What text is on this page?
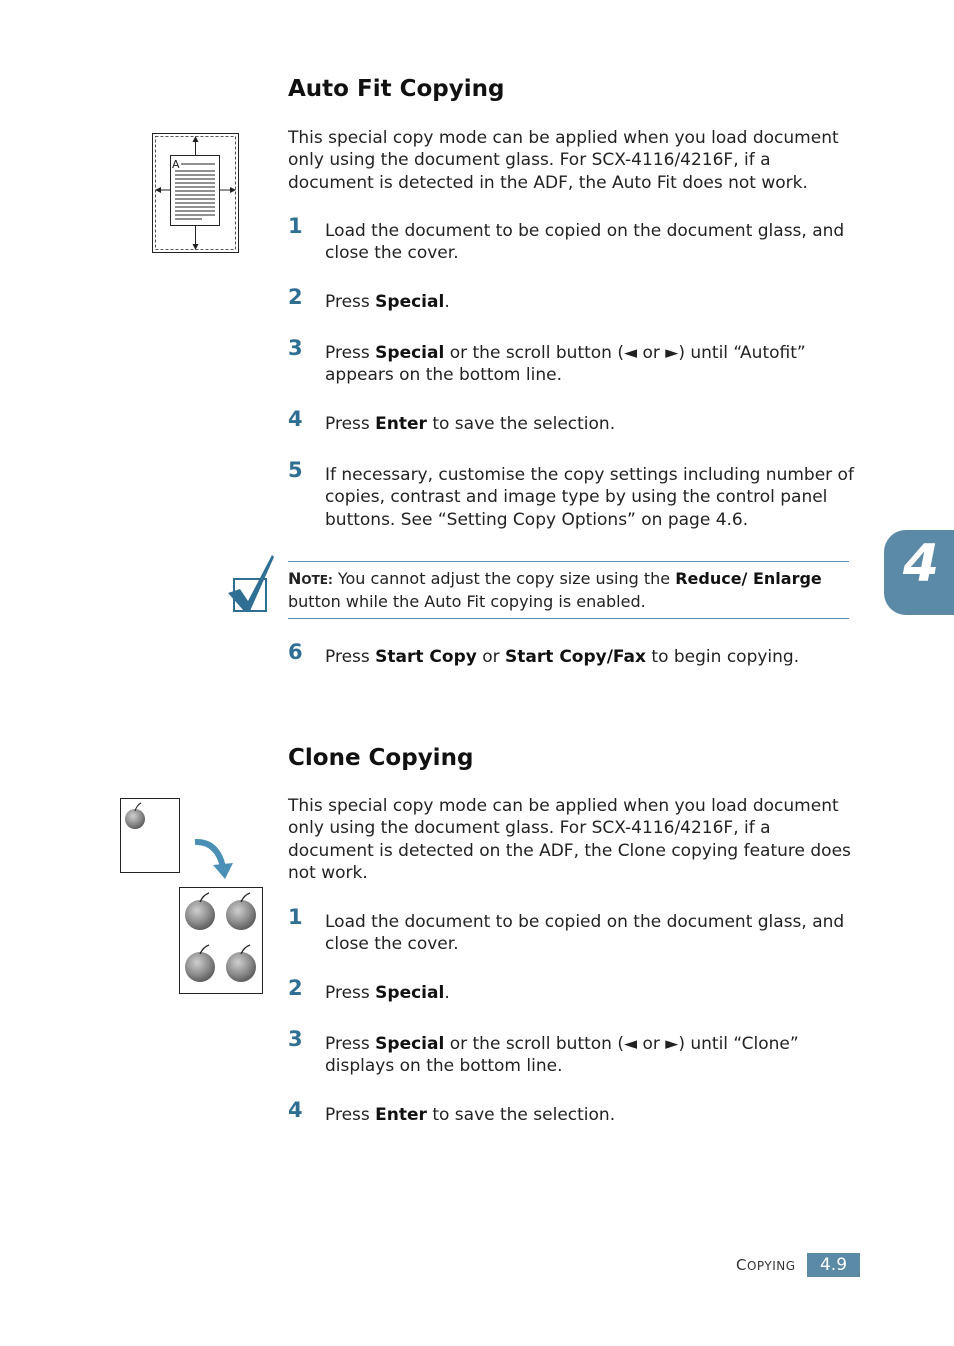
Auto Fit Copying
A

This special copy mode can be applied when you load document only using the document glass. For SCX-4116/4216F, if a document is detected in the ADF, the Auto Fit does not work.

1 Load the document to be copied on the document glass, and close the cover.
2 Press Special.
3 Press Special or the scroll button (◄ or ►) until “Autofit” appears on the bottom line.
4 Press Enter to save the selection.
5 If necessary, customise the copy settings including number of copies, contrast and image type by using the control panel buttons. See “Setting Copy Options” on page 4.6.
NOTE: You cannot adjust the copy size using the Reduce/ Enlarge button while the Auto Fit copying is enabled.
6 Press Start Copy or Start Copy/Fax to begin copying.
Clone Copying

This special copy mode can be applied when you load document only using the document glass. For SCX-4116/4216F, if a document is detected on the ADF, the Clone copying feature does not work.

1 Load the document to be copied on the document glass, and close the cover.
2 Press Special.
3 Press Special or the scroll button (◄ or ►) until “Clone” displays on the bottom line.
4 Press Enter to save the selection.
4
COPYING	4.9
